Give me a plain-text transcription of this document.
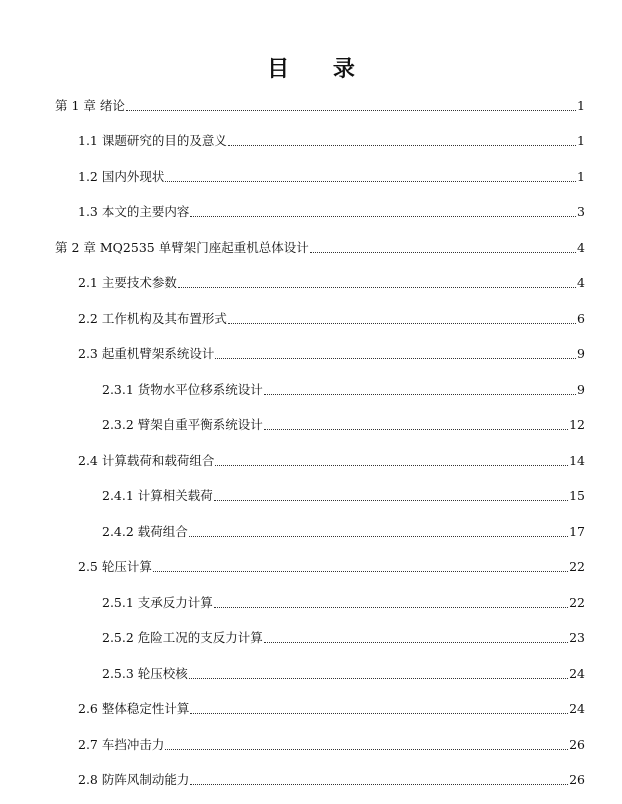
目 录
第 1 章 绪论	1
1.1 课题研究的目的及意义	1
1.2 国内外现状	1
1.3 本文的主要内容	3
第 2 章 MQ2535 单臂架门座起重机总体设计	4
2.1 主要技术参数	4
2.2 工作机构及其布置形式	6
2.3 起重机臂架系统设计	9
2.3.1 货物水平位移系统设计	9
2.3.2 臂架自重平衡系统设计	12
2.4 计算载荷和载荷组合	14
2.4.1 计算相关载荷	15
2.4.2 载荷组合	17
2.5 轮压计算	22
2.5.1 支承反力计算	22
2.5.2 危险工况的支反力计算	23
2.5.3 轮压校核	24
2.6 整体稳定性计算	24
2.7 车挡冲击力	26
2.8 防阵风制动能力	26
